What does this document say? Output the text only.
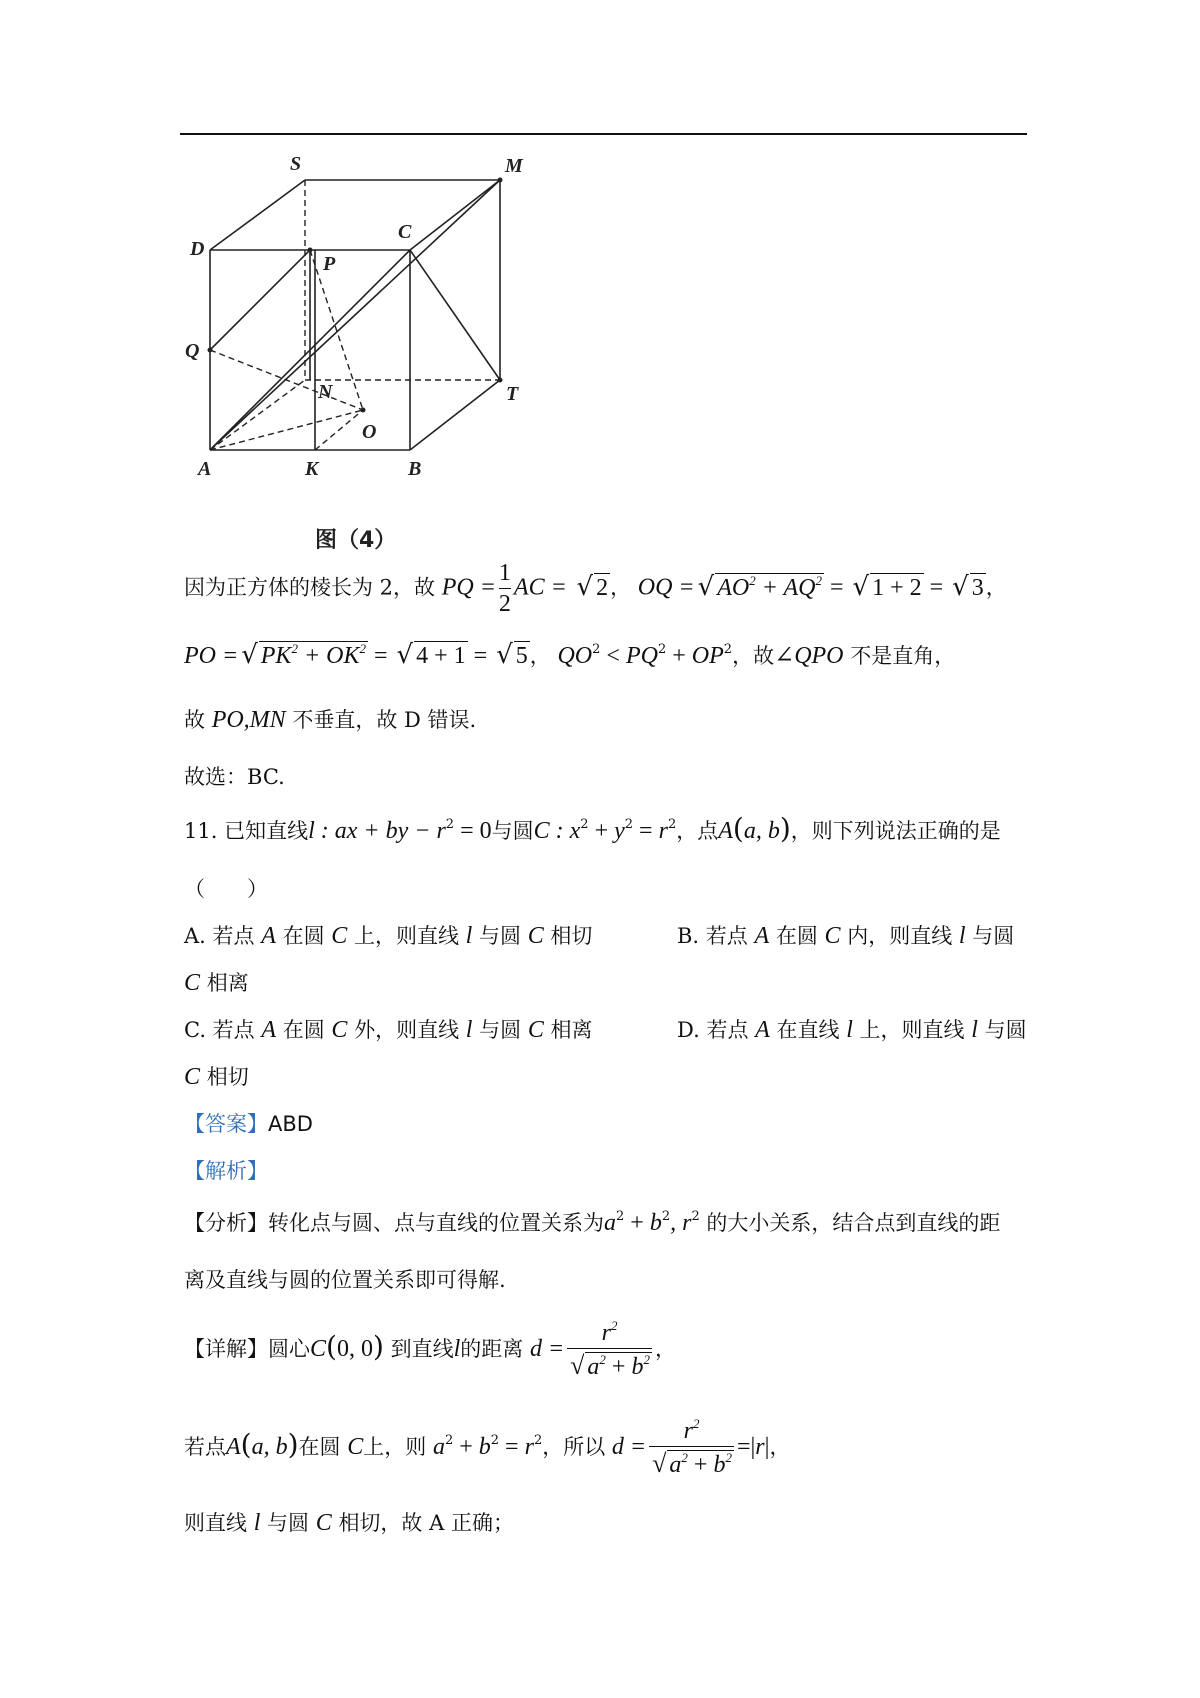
S	M
D
C
P
Q
N	T
O
A	K	B
图（4）
因为正方体的棱长为 2，故 PQ = $\frac{1}{2}$ AC = √ 2， OQ = √ $AO^2 + AQ^2$ = √ 1 + 2 = √ 3，
PO = √ $PK^2 + OK^2$ = √ 4 + 1 = √ 5， $QO^2 < PQ^2 + OP^2$，故∠QPO 不是直角，
故 PO,MN 不垂直，故 D 错误.
故选：BC.
11. 已知直线l : ax + by − $r^2 = 0$与圆C : $x^2 + y^2 = r^2$，点A(a, b)，则下列说法正确的是
（　　）
A. 若点 A 在圆 C 上，则直线 l 与圆 C 相切	B. 若点 A 在圆 C 内，则直线 l 与圆
C 相离
C. 若点 A 在圆 C 外，则直线 l 与圆 C 相离	D. 若点 A 在直线 l 上，则直线 l 与圆
C 相切
【答案】ABD
【解析】
【分析】转化点与圆、点与直线的位置关系为$a^2 + b^2$, $r^2$ 的大小关系，结合点到直线的距
离及直线与圆的位置关系即可得解.
【详解】圆心C(0, 0) 到直线l的距离 $d = \frac{r^2}{√ a^2 + b^2}$ ，
若点A(a, b)在圆 C上，则 $a^2 + b^2 = r^2$，所以 $d = \frac{r^2}{√ a^2 + b^2} =|r|$，
则直线 l 与圆 C 相切，故 A 正确；
